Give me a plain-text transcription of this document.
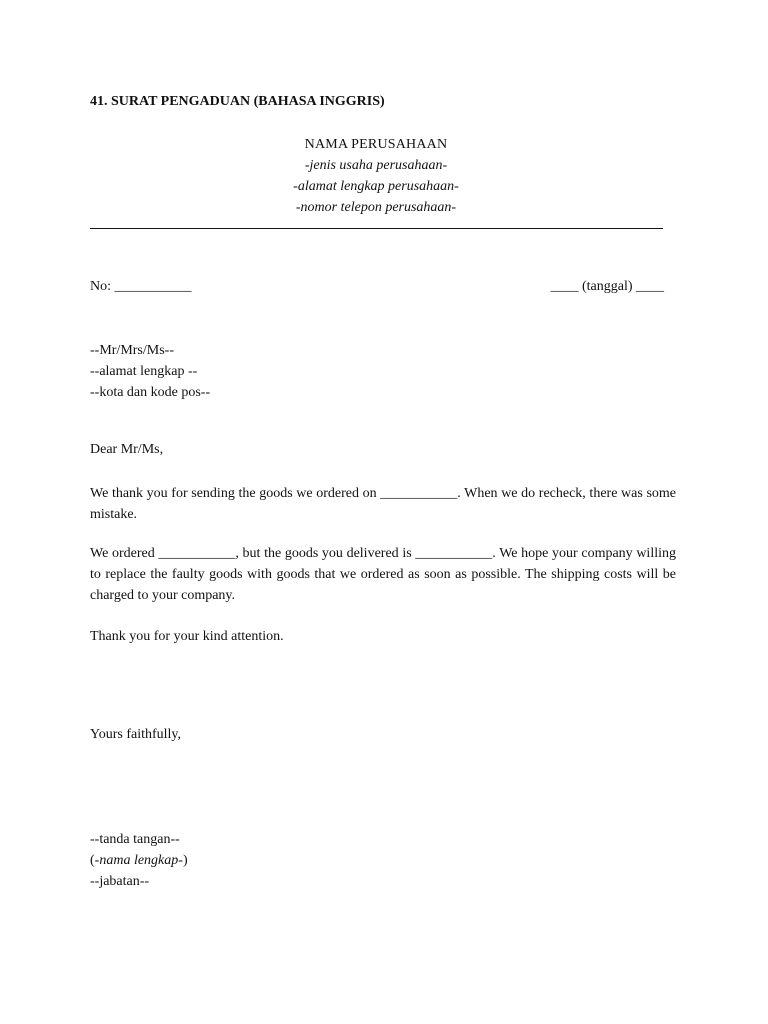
41. SURAT PENGADUAN (BAHASA INGGRIS)
NAMA PERUSAHAAN
-jenis usaha perusahaan-
-alamat lengkap perusahaan-
-nomor telepon perusahaan-
No: ___________	____ (tanggal) ____
--Mr/Mrs/Ms--
--alamat lengkap --
--kota dan kode pos--
Dear Mr/Ms,
We thank you for sending the goods we ordered on ___________. When we do recheck, there was some mistake.
We ordered ___________, but the goods you delivered is ___________. We hope your company willing to replace the faulty goods with goods that we ordered as soon as possible. The shipping costs will be charged to your company.
Thank you for your kind attention.
Yours faithfully,
--tanda tangan--
(-nama lengkap-)
--jabatan--
